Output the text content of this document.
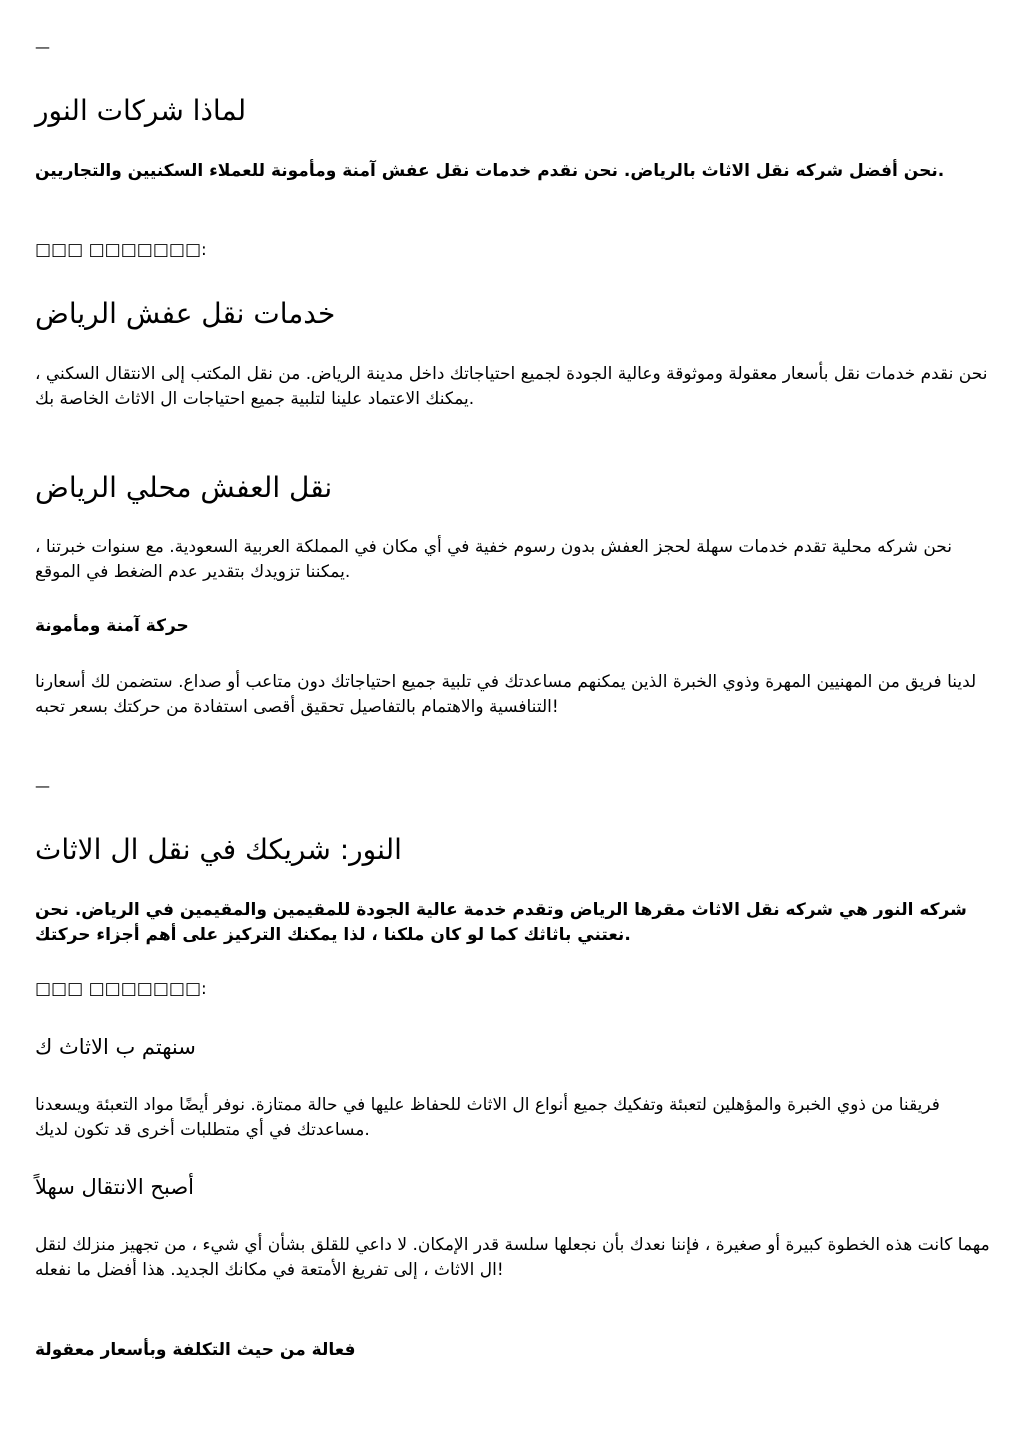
—
لماذا شركات النور
نحن أفضل شركه نقل الاثاث بالرياض. نحن نقدم خدمات نقل عفش آمنة ومأمونة للعملاء السكنيين والتجاريين.
□□□ □□□□□□□:
خدمات نقل عفش الرياض
نحن نقدم خدمات نقل بأسعار معقولة وموثوقة وعالية الجودة لجميع احتياجاتك داخل مدينة الرياض. من نقل المكتب إلى الانتقال السكني ، يمكنك الاعتماد علينا لتلبية جميع احتياجات ال الاثاث الخاصة بك.
نقل العفش محلي الرياض
نحن شركه محلية تقدم خدمات سهلة لحجز العفش بدون رسوم خفية في أي مكان في المملكة العربية السعودية. مع سنوات خبرتنا ، يمكننا تزويدك بتقدير عدم الضغط في الموقع.
حركة آمنة ومأمونة
لدينا فريق من المهنيين المهرة وذوي الخبرة الذين يمكنهم مساعدتك في تلبية جميع احتياجاتك دون متاعب أو صداع. ستضمن لك أسعارنا التنافسية والاهتمام بالتفاصيل تحقيق أقصى استفادة من حركتك بسعر تحبه!
—
النور: شريكك في نقل ال الاثاث
شركه النور هي شركه نقل الاثاث مقرها الرياض وتقدم خدمة عالية الجودة للمقيمين والمقيمين في الرياض. نحن نعتني باثاثك كما لو كان ملكنا ، لذا يمكنك التركيز على أهم أجزاء حركتك.
□□□ □□□□□□□:
سنهتم ب الاثاث ك
فريقنا من ذوي الخبرة والمؤهلين لتعبئة وتفكيك جميع أنواع ال الاثاث للحفاظ عليها في حالة ممتازة. نوفر أيضًا مواد التعبئة ويسعدنا مساعدتك في أي متطلبات أخرى قد تكون لديك.
أصبح الانتقال سهلاً
مهما كانت هذه الخطوة كبيرة أو صغيرة ، فإننا نعدك بأن نجعلها سلسة قدر الإمكان. لا داعي للقلق بشأن أي شيء ، من تجهيز منزلك لنقل ال الاثاث ، إلى تفريغ الأمتعة في مكانك الجديد. هذا أفضل ما نفعله!
فعالة من حيث التكلفة وبأسعار معقولة
